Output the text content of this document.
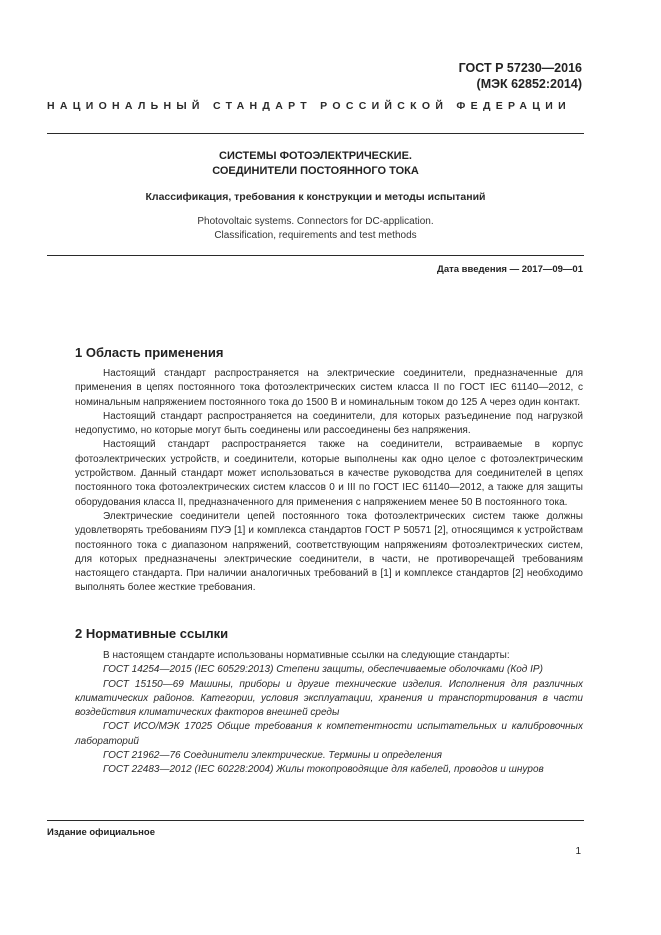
ГОСТ Р 57230—2016
(МЭК 62852:2014)
НАЦИОНАЛЬНЫЙ СТАНДАРТ РОССИЙСКОЙ ФЕДЕРАЦИИ
СИСТЕМЫ ФОТОЭЛЕКТРИЧЕСКИЕ.
СОЕДИНИТЕЛИ ПОСТОЯННОГО ТОКА
Классификация, требования к конструкции и методы испытаний
Photovoltaic systems. Connectors for DC-application.
Classification, requirements and test methods
Дата введения — 2017—09—01
1 Область применения

Настоящий стандарт распространяется на электрические соединители, предназначенные для применения в цепях постоянного тока фотоэлектрических систем класса II по ГОСТ IEC 61140—2012, с номинальным напряжением постоянного тока до 1500 В и номинальным током до 125 А через один контакт.

Настоящий стандарт распространяется на соединители, для которых разъединение под нагрузкой недопустимо, но которые могут быть соединены или рассоединены без напряжения.

Настоящий стандарт распространяется также на соединители, встраиваемые в корпус фотоэлектрических устройств, и соединители, которые выполнены как одно целое с фотоэлектрическим устройством. Данный стандарт может использоваться в качестве руководства для соединителей в цепях постоянного тока фотоэлектрических систем классов 0 и III по ГОСТ IEC 61140—2012, а также для защиты оборудования класса II, предназначенного для применения с напряжением менее 50 В постоянного тока.

Электрические соединители цепей постоянного тока фотоэлектрических систем также должны удовлетворять требованиям ПУЭ [1] и комплекса стандартов ГОСТ Р 50571 [2], относящимся к устройствам постоянного тока с диапазоном напряжений, соответствующим напряжениям фотоэлектрических систем, для которых предназначены электрические соединители, в части, не противоречащей требованиям настоящего стандарта. При наличии аналогичных требований в [1] и комплексе стандартов [2] необходимо выполнять более жесткие требования.

2 Нормативные ссылки

В настоящем стандарте использованы нормативные ссылки на следующие стандарты:

ГОСТ 14254—2015 (IEC 60529:2013) Степени защиты, обеспечиваемые оболочками (Код IP)

ГОСТ 15150—69 Машины, приборы и другие технические изделия. Исполнения для различных климатических районов. Категории, условия эксплуатации, хранения и транспортирования в части воздействия климатических факторов внешней среды

ГОСТ ИСО/МЭК 17025 Общие требования к компетентности испытательных и калибровочных лабораторий

ГОСТ 21962—76 Соединители электрические. Термины и определения

ГОСТ 22483—2012 (IEC 60228:2004) Жилы токопроводящие для кабелей, проводов и шнуров

Издание официальное
1
